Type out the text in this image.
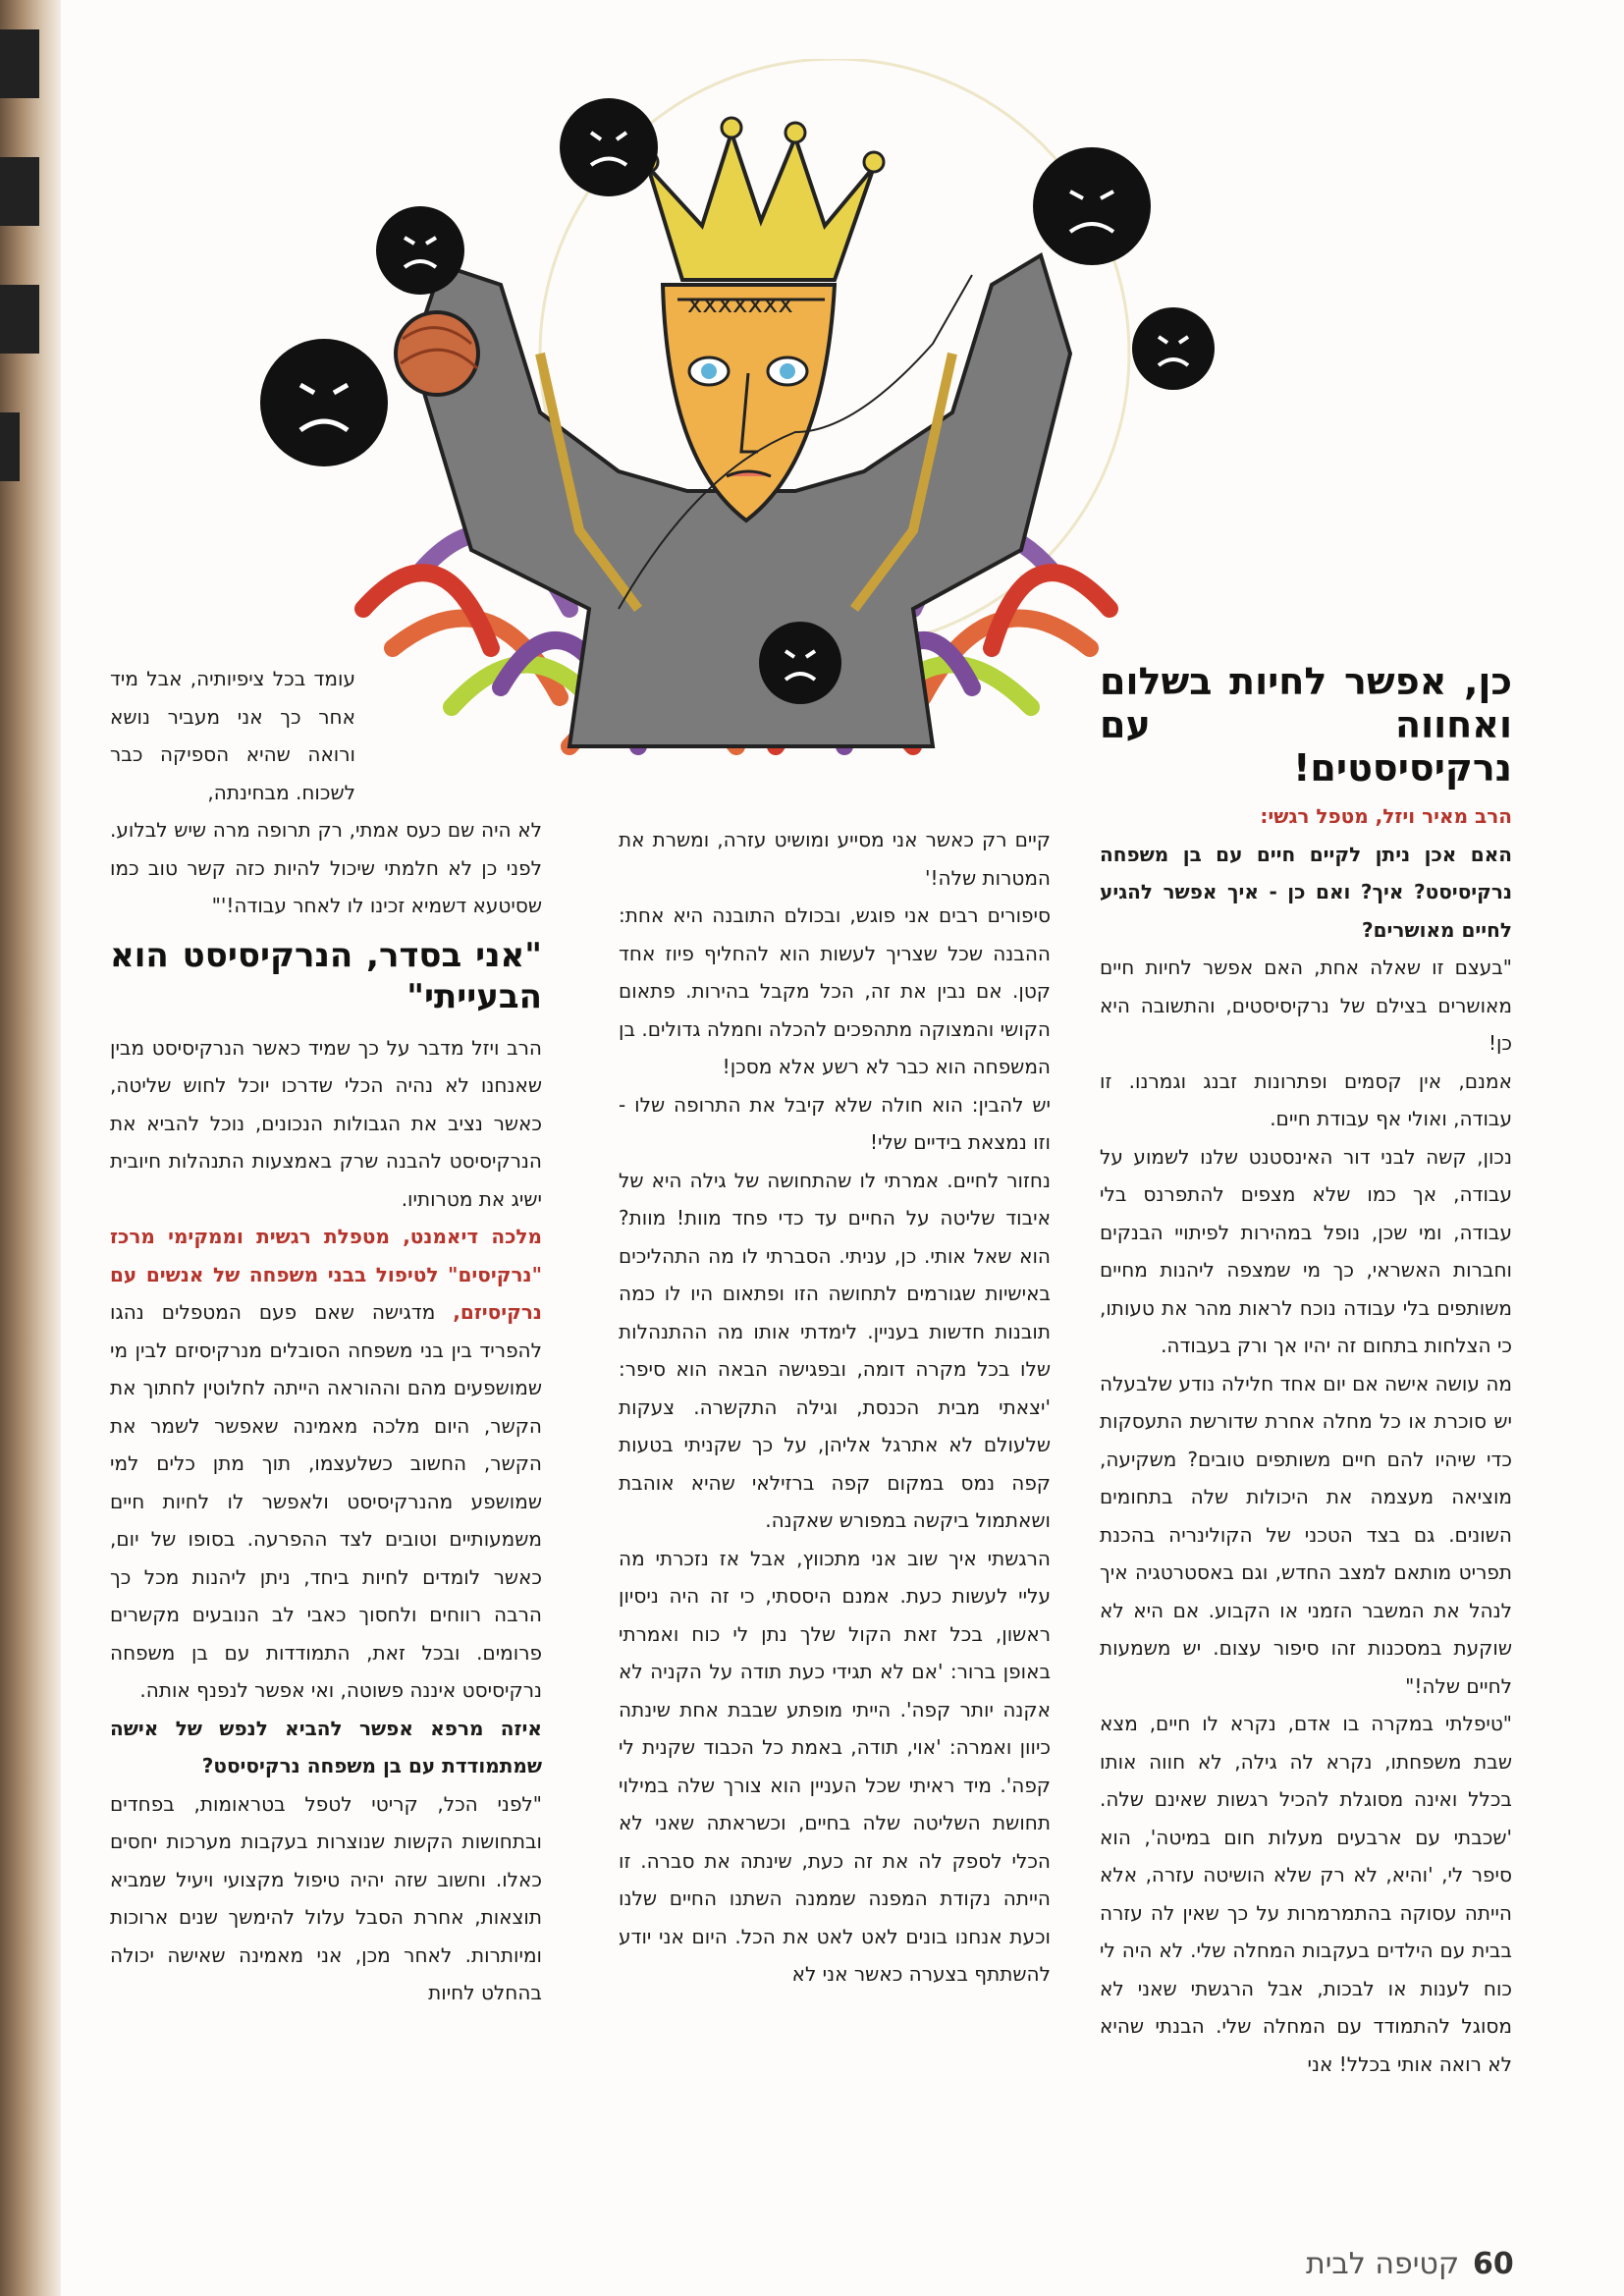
xxxxxxx
כן, אפשר לחיות בשלום ואחווה עם נרקיסיסטים!
הרב מאיר ויזל, מטפל רגשי:

האם אכן ניתן לקיים חיים עם בן משפחה נרקיסיסט? איך? ואם כן - איך אפשר להגיע לחיים מאושרים?

"בעצם זו שאלה אחת, האם אפשר לחיות חיים מאושרים בצילם של נרקיסיסטים, והתשובה היא כן!

אמנם, אין קסמים ופתרונות זבנג וגמרנו. זו עבודה, ואולי אף עבודת חיים.

נכון, קשה לבני דור האינסטנט שלנו לשמוע על עבודה, אך כמו שלא מצפים להתפרנס בלי עבודה, ומי שכן, נופל במהירות לפיתויי הבנקים וחברות האשראי, כך מי שמצפה ליהנות מחיים משותפים בלי עבודה נוכח לראות מהר את טעותו, כי הצלחות בתחום זה יהיו אך ורק בעבודה.

מה עושה אישה אם יום אחד חלילה נודע שלבעלה יש סוכרת או כל מחלה אחרת שדורשת התעסקות כדי שיהיו להם חיים משותפים טובים? משקיעה, מוציאה מעצמה את היכולות שלה בתחומים השונים. גם בצד הטכני של הקולינריה בהכנת תפריט מותאם למצב החדש, וגם באסטרטגיה איך לנהל את המשבר הזמני או הקבוע. אם היא לא שוקעת במסכנות זהו סיפור עצום. יש משמעות לחיים שלה!"

"טיפלתי במקרה בו אדם, נקרא לו חיים, מצא שבת משפחתו, נקרא לה גילה, לא חווה אותו בכלל ואינה מסוגלת להכיל רגשות שאינם שלה. 'שכבתי עם ארבעים מעלות חום במיטה', הוא סיפר לי, 'והיא, לא רק שלא הושיטה עזרה, אלא הייתה עסוקה בהתמרמרות על כך שאין לה עזרה בבית עם הילדים בעקבות המחלה שלי. לא היה לי כוח לענות או לבכות, אבל הרגשתי שאני לא מסוגל להתמודד עם המחלה שלי. הבנתי שהיא לא רואה אותי בכלל! אני

קיים רק כאשר אני מסייע ומושיט עזרה, ומשרת את המטרות שלה!'

סיפורים רבים אני פוגש, ובכולם התובנה היא אחת: ההבנה שכל שצריך לעשות הוא להחליף פיוז אחד קטן. אם נבין את זה, הכל מקבל בהירות. פתאום הקושי והמצוקה מתהפכים להכלה וחמלה גדולים. בן המשפחה הוא כבר לא רשע אלא מסכן!

יש להבין: הוא חולה שלא קיבל את התרופה שלו - וזו נמצאת בידיים שלי!

נחזור לחיים. אמרתי לו שהתחושה של גילה היא של איבוד שליטה על החיים עד כדי פחד מוות! מוות? הוא שאל אותי. כן, עניתי. הסברתי לו מה התהליכים באישיות שגורמים לתחושה הזו ופתאום היו לו כמה תובנות חדשות בעניין. לימדתי אותו מה ההתנהלות שלו בכל מקרה דומה, ובפגישה הבאה הוא סיפר: 'יצאתי מבית הכנסת, וגילה התקשרה. צעקות שלעולם לא אתרגל אליהן, על כך שקניתי בטעות קפה נמס במקום קפה ברזילאי שהיא אוהבת ושאתמול ביקשה במפורש שאקנה.

הרגשתי איך שוב אני מתכווץ, אבל אז נזכרתי מה עליי לעשות כעת. אמנם היססתי, כי זה היה ניסיון ראשון, בכל זאת הקול שלך נתן לי כוח ואמרתי באופן ברור: 'אם לא תגידי כעת תודה על הקניה לא אקנה יותר קפה'. הייתי מופתע שבבת אחת שינתה כיוון ואמרה: 'אוי, תודה, באמת כל הכבוד שקנית לי קפה'. מיד ראיתי שכל העניין הוא צורך שלה במילוי תחושת השליטה שלה בחיים, וכשראתה שאני לא הכלי לספק לה את זה כעת, שינתה את סברה. זו הייתה נקודת המפנה שממנה השתנו החיים שלנו וכעת אנחנו בונים לאט לאט את הכל. היום אני יודע להשתתף בצערה כאשר אני לא

עומד בכל ציפיותיה, אבל מיד אחר כך אני מעביר נושא ורואה שהיא הספיקה כבר לשכוח. מבחינתה,

לא היה שם כעס אמתי, רק תרופה מרה שיש לבלוע. לפני כן לא חלמתי שיכול להיות כזה קשר טוב כמו שסיטעא דשמיא זכינו לו לאחר עבודה!'"

"אני בסדר, הנרקיסיסט הוא הבעייתי"

הרב ויזל מדבר על כך שמיד כאשר הנרקיסיסט מבין שאנחנו לא נהיה הכלי שדרכו יוכל לחוש שליטה, כאשר נציב את הגבולות הנכונים, נוכל להביא את הנרקיסיסט להבנה שרק באמצעות התנהלות חיובית ישיג את מטרותיו.

מלכה דיאמנט, מטפלת רגשית וממקימי מרכז "נרקיסים" לטיפול בבני משפחה של אנשים עם נרקיסיזם, מדגישה שאם פעם המטפלים נהגו להפריד בין בני משפחה הסובלים מנרקיסיזם לבין מי שמושפעים מהם וההוראה הייתה לחלוטין לחתוך את הקשר, היום מלכה מאמינה שאפשר לשמר את הקשר, החשוב כשלעצמו, תוך מתן כלים למי שמושפע מהנרקיסיסט ולאפשר לו לחיות חיים משמעותיים וטובים לצד ההפרעה. בסופו של יום, כאשר לומדים לחיות ביחד, ניתן ליהנות מכל כך הרבה רווחים ולחסוך כאבי לב הנובעים מקשרים פרומים. ובכל זאת, התמודדות עם בן משפחה נרקיסיסט איננה פשוטה, ואי אפשר לנפנף אותה.

איזה מרפא אפשר להביא לנפש של אישה שמתמודדת עם בן משפחה נרקיסיסט?

"לפני הכל, קריטי לטפל בטראומות, בפחדים ובתחושות הקשות שנוצרות בעקבות מערכות יחסים כאלו. וחשוב שזה יהיה טיפול מקצועי ויעיל שמביא תוצאות, אחרת הסבל עלול להימשך שנים ארוכות ומיותרות. לאחר מכן, אני מאמינה שאישה יכולה בהחלט לחיות

60
קטיפה לבית
